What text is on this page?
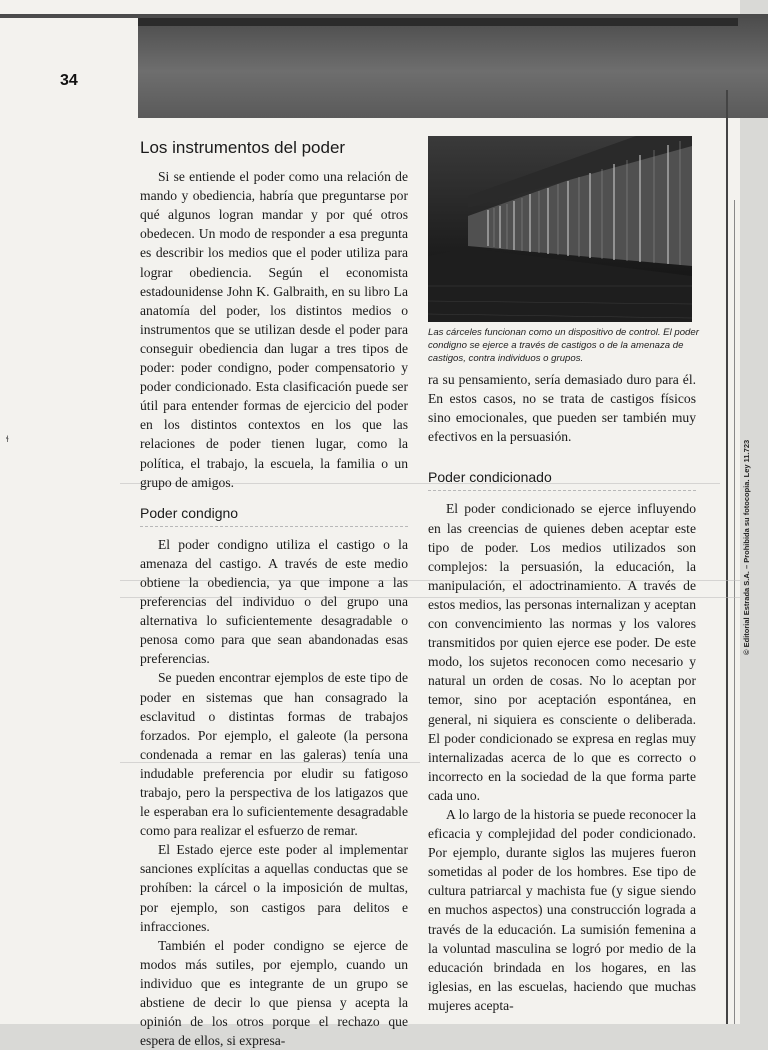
34
© Editorial Estrada S.A. – Prohibida su fotocopia. Ley 11.723
ɬ
Los instrumentos del poder

Si se entiende el poder como una relación de mando y obediencia, habría que preguntarse por qué algunos logran mandar y por qué otros obedecen. Un modo de responder a esa pregunta es describir los medios que el poder utiliza para lograr obediencia. Según el economista estadounidense John K. Galbraith, en su libro La anatomía del poder, los distintos medios o instrumentos que se utilizan desde el poder para conseguir obediencia dan lugar a tres tipos de poder: poder condigno, poder compensatorio y poder condicionado. Esta clasificación puede ser útil para entender formas de ejercicio del poder en los distintos contextos en los que las relaciones de poder tienen lugar, como la política, el trabajo, la escuela, la familia o un grupo de amigos.

Poder condigno

El poder condigno utiliza el castigo o la amenaza del castigo. A través de este medio obtiene la obediencia, ya que impone a las preferencias del individuo o del grupo una alternativa lo suficientemente desagradable o penosa como para que sean abandonadas esas preferencias.

Se pueden encontrar ejemplos de este tipo de poder en sistemas que han consagrado la esclavitud o distintas formas de trabajos forzados. Por ejemplo, el galeote (la persona condenada a remar en las galeras) tenía una indudable preferencia por eludir su fatigoso trabajo, pero la perspectiva de los latigazos que le esperaban era lo suficientemente desagradable como para realizar el esfuerzo de remar.

El Estado ejerce este poder al implementar sanciones explícitas a aquellas conductas que se prohíben: la cárcel o la imposición de multas, por ejemplo, son castigos para delitos e infracciones.

También el poder condigno se ejerce de modos más sutiles, por ejemplo, cuando un individuo que es integrante de un grupo se abstiene de decir lo que piensa y acepta la opinión de los otros porque el rechazo que espera de ellos, si expresa-

Las cárceles funcionan como un dispositivo de control. El poder condigno se ejerce a través de castigos o de la amenaza de castigos, contra individuos o grupos.

ra su pensamiento, sería demasiado duro para él. En estos casos, no se trata de castigos físicos sino emocionales, que pueden ser también muy efectivos en la persuasión.

Poder condicionado

El poder condicionado se ejerce influyendo en las creencias de quienes deben aceptar este tipo de poder. Los medios utilizados son complejos: la persuasión, la educación, la manipulación, el adoctrinamiento. A través de estos medios, las personas internalizan y aceptan con convencimiento las normas y los valores transmitidos por quien ejerce ese poder. De este modo, los sujetos reconocen como necesario y natural un orden de cosas. No lo aceptan por temor, sino por aceptación espontánea, en general, ni siquiera es consciente o deliberada. El poder condicionado se expresa en reglas muy internalizadas acerca de lo que es correcto o incorrecto en la sociedad de la que forma parte cada uno.

A lo largo de la historia se puede reconocer la eficacia y complejidad del poder condicionado. Por ejemplo, durante siglos las mujeres fueron sometidas al poder de los hombres. Ese tipo de cultura patriarcal y machista fue (y sigue siendo en muchos aspectos) una construcción lograda a través de la educación. La sumisión femenina a la voluntad masculina se logró por medio de la educación brindada en los hogares, en las iglesias, en las escuelas, haciendo que muchas mujeres acepta-
